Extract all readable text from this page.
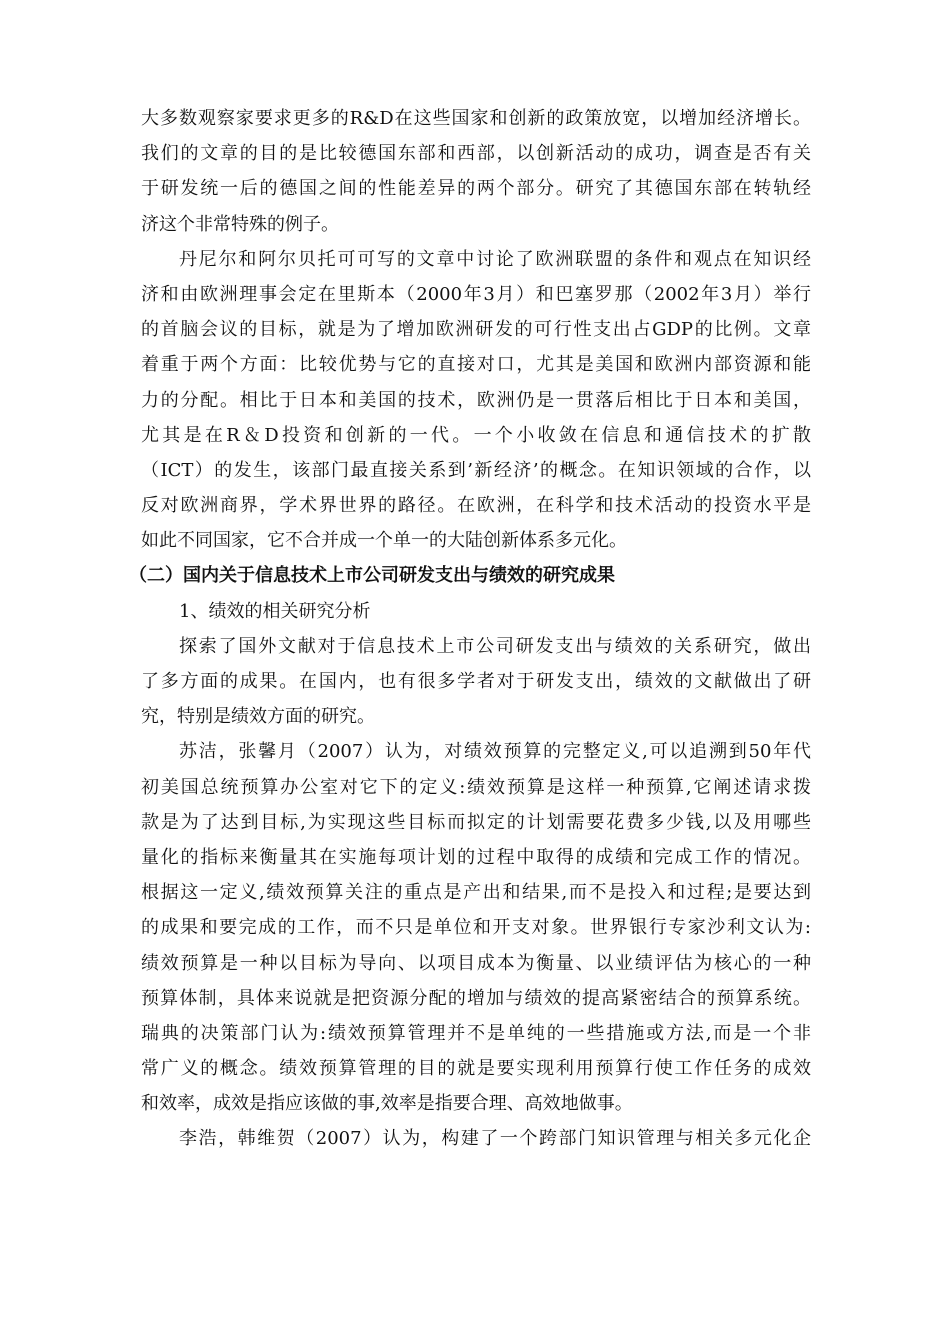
大多数观察家要求更多的R&D在这些国家和创新的政策放宽，以增加经济增长。
我们的文章的目的是比较德国东部和西部，以创新活动的成功，调查是否有关
于研发统一后的德国之间的性能差异的两个部分。研究了其德国东部在转轨经
济这个非常特殊的例子。
丹尼尔和阿尔贝托可可写的文章中讨论了欧洲联盟的条件和观点在知识经
济和由欧洲理事会定在里斯本（2000年3月）和巴塞罗那（2002年3月）举行
的首脑会议的目标，就是为了增加欧洲研发的可行性支出占GDP的比例。文章
着重于两个方面：比较优势与它的直接对口，尤其是美国和欧洲内部资源和能
力的分配。相比于日本和美国的技术，欧洲仍是一贯落后相比于日本和美国，
尤其是在R＆D投资和创新的一代。一个小收敛在信息和通信技术的扩散
（ICT）的发生，该部门最直接关系到’新经济’的概念。在知识领域的合作，以
反对欧洲商界，学术界世界的路径。在欧洲，在科学和技术活动的投资水平是
如此不同国家，它不合并成一个单一的大陆创新体系多元化。
（二）国内关于信息技术上市公司研发支出与绩效的研究成果
1、绩效的相关研究分析
探索了国外文献对于信息技术上市公司研发支出与绩效的关系研究，做出
了多方面的成果。在国内，也有很多学者对于研发支出，绩效的文献做出了研
究，特别是绩效方面的研究。
苏洁，张馨月（2007）认为，对绩效预算的完整定义,可以追溯到50年代
初美国总统预算办公室对它下的定义:绩效预算是这样一种预算,它阐述请求拨
款是为了达到目标,为实现这些目标而拟定的计划需要花费多少钱,以及用哪些
量化的指标来衡量其在实施每项计划的过程中取得的成绩和完成工作的情况。
根据这一定义,绩效预算关注的重点是产出和结果,而不是投入和过程;是要达到
的成果和要完成的工作，而不只是单位和开支对象。世界银行专家沙利文认为:
绩效预算是一种以目标为导向、以项目成本为衡量、以业绩评估为核心的一种
预算体制，具体来说就是把资源分配的增加与绩效的提高紧密结合的预算系统。
瑞典的决策部门认为:绩效预算管理并不是单纯的一些措施或方法,而是一个非
常广义的概念。绩效预算管理的目的就是要实现利用预算行使工作任务的成效
和效率，成效是指应该做的事,效率是指要合理、高效地做事。
李浩，韩维贺（2007）认为，构建了一个跨部门知识管理与相关多元化企
